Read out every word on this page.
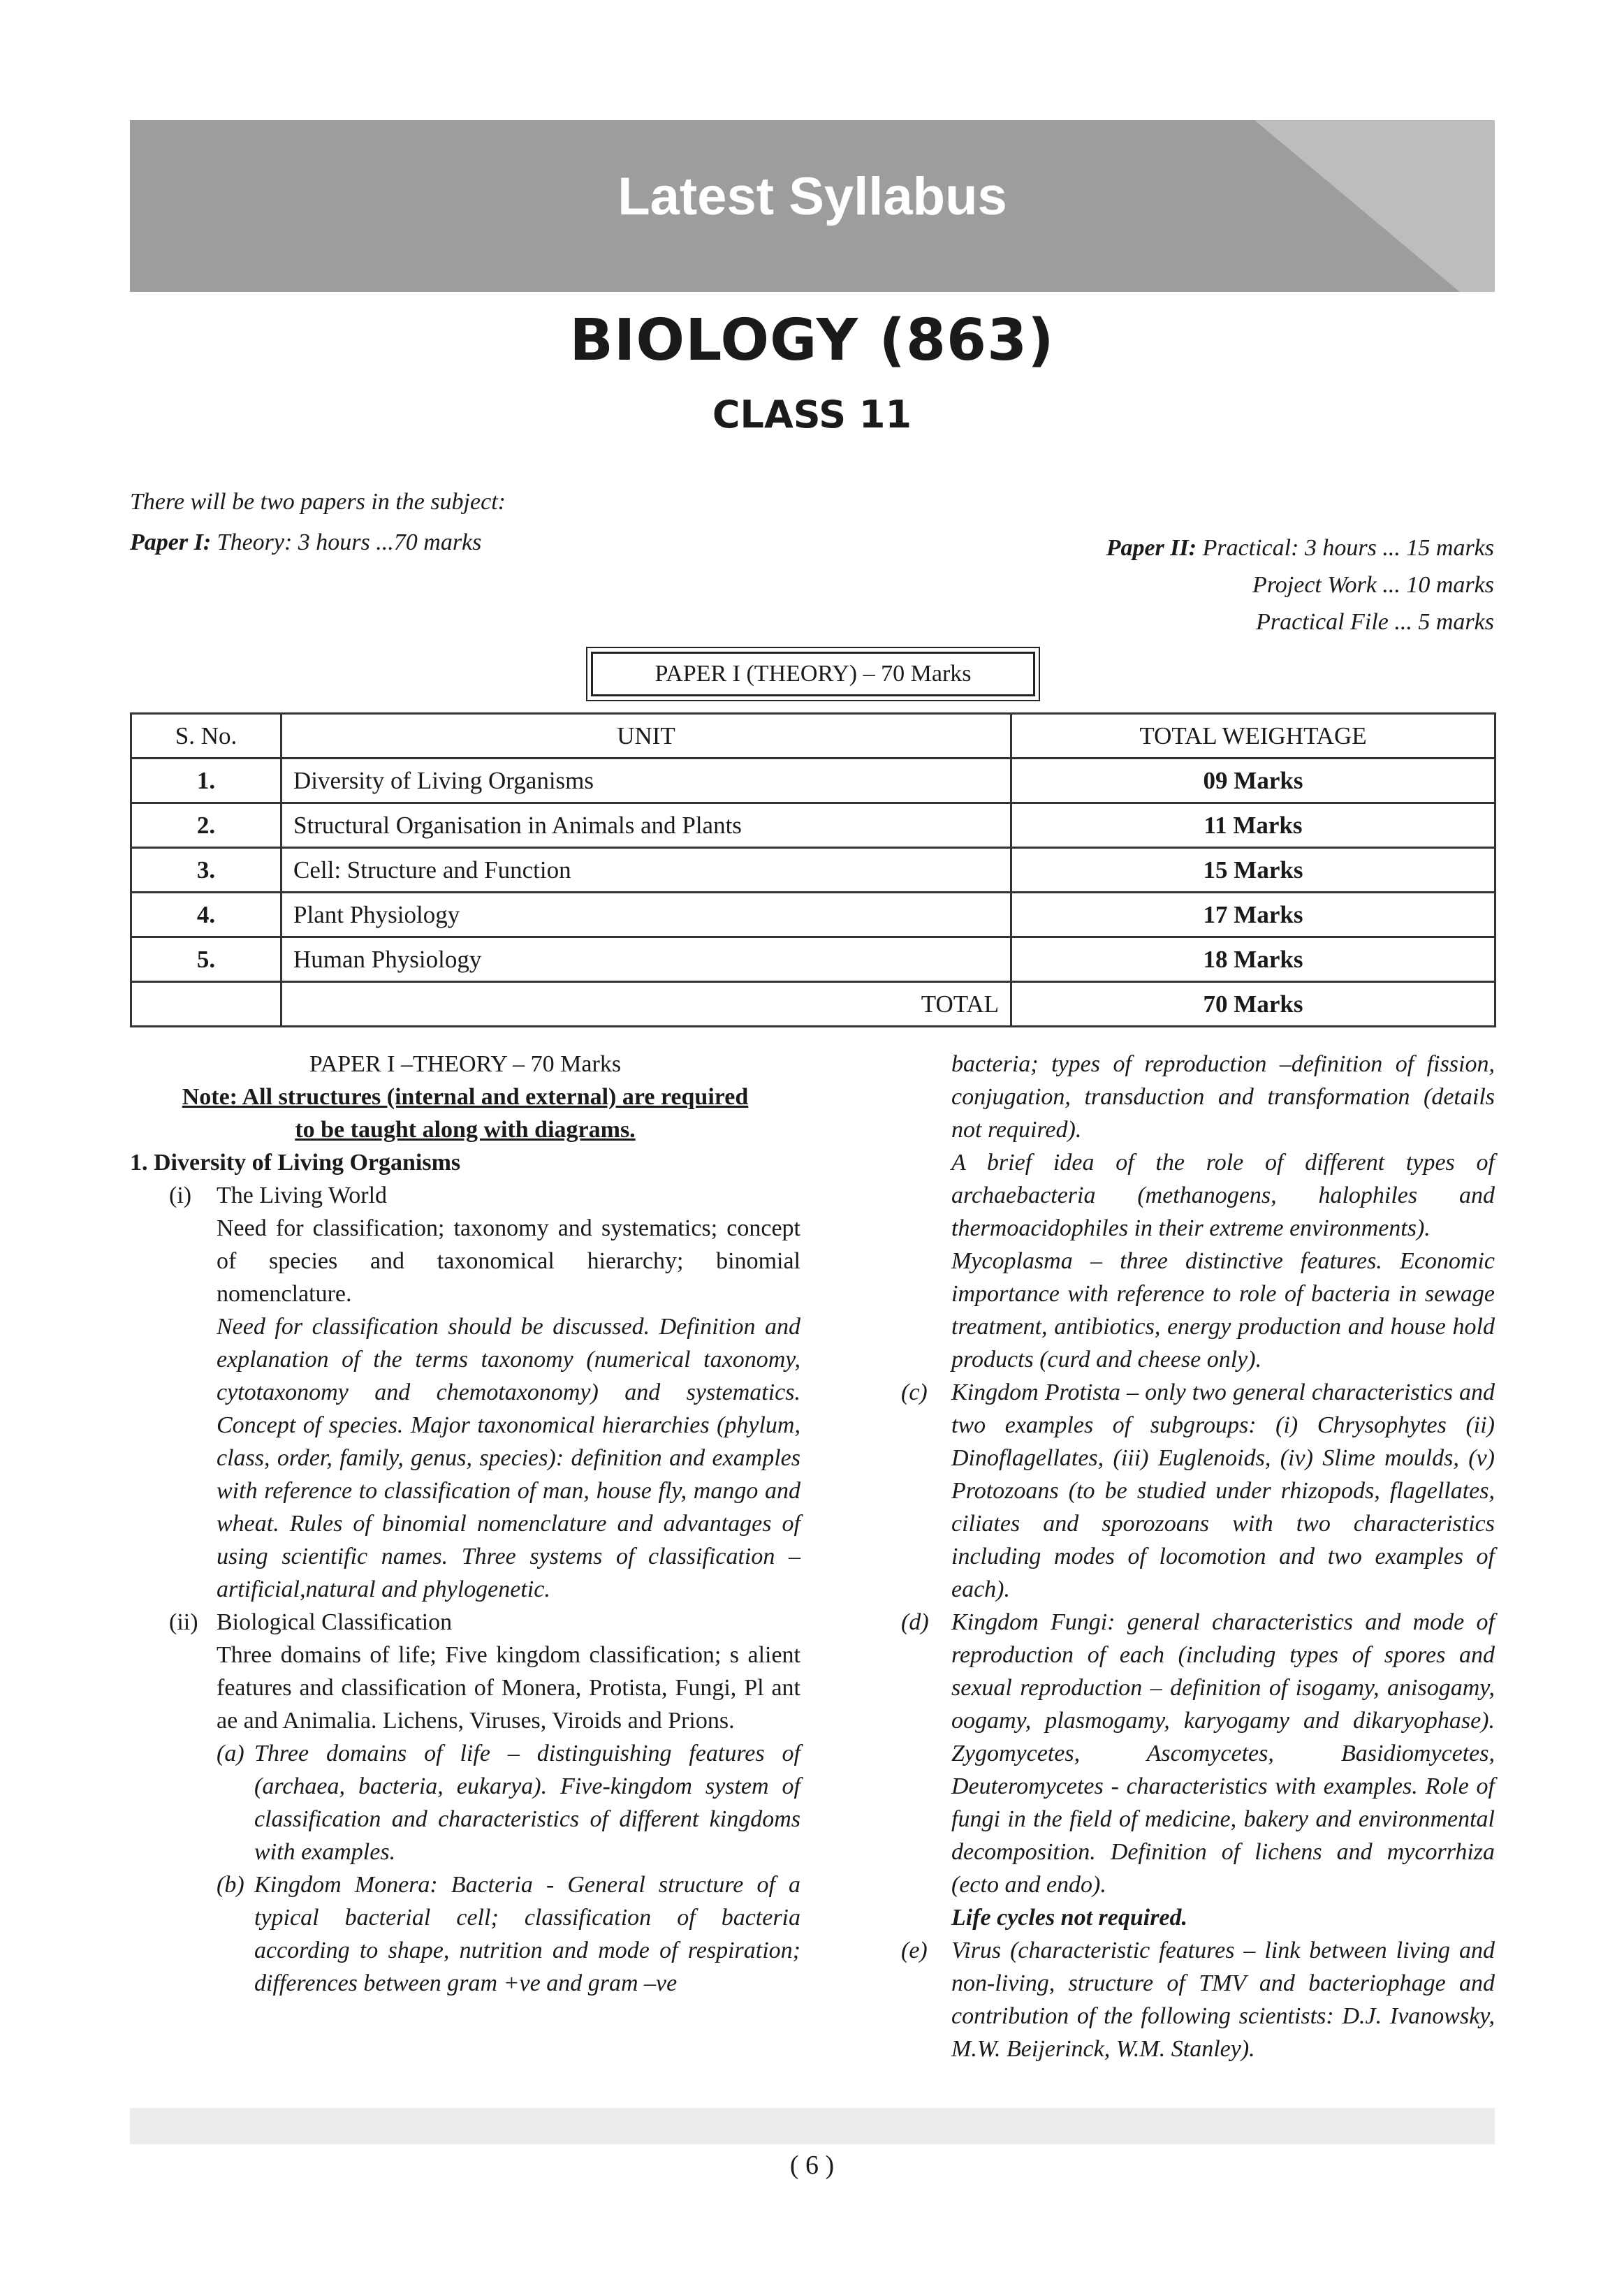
Latest Syllabus
BIOLOGY (863)
CLASS 11
There will be two papers in the subject:
Paper I: Theory: 3 hours ...70 marks	Paper II: Practical: 3 hours ... 15 marks
Project Work ... 10 marks
Practical File ... 5 marks
PAPER I (THEORY) – 70 Marks
S. No.	UNIT	TOTAL WEIGHTAGE
1.	Diversity of Living Organisms	09 Marks
2.	Structural Organisation in Animals and Plants	11 Marks
3.	Cell: Structure and Function	15 Marks
4.	Plant Physiology	17 Marks
5.	Human Physiology	18 Marks
	TOTAL	70 Marks

PAPER I –THEORY – 70 Marks

Note: All structures (internal and external) are required

to be taught along with diagrams.

1. Diversity of Living Organisms

(i) The Living World

Need for classification; taxonomy and systematics; concept of species and taxonomical hierarchy; binomial nomenclature.

Need for classification should be discussed. Definition and explanation of the terms taxonomy (numerical taxonomy, cytotaxonomy and chemotaxonomy) and systematics. Concept of species. Major taxonomical hierarchies (phylum, class, order, family, genus, species): definition and examples with reference to classification of man, house fly, mango and wheat. Rules of binomial nomenclature and advantages of using scientific names. Three systems of classification – artificial,natural and phylogenetic.

(ii) Biological Classification

Three domains of life; Five kingdom classification; s alient features and classification of Monera, Protista, Fungi, Pl ant ae and Animalia. Lichens, Viruses, Viroids and Prions.

(a) Three domains of life – distinguishing features of (archaea, bacteria, eukarya). Five-kingdom system of classification and characteristics of different kingdoms with examples.

(b) Kingdom Monera: Bacteria - General structure of a typical bacterial cell; classification of bacteria according to shape, nutrition and mode of respiration; differences between gram +ve and gram –ve

bacteria; types of reproduction –definition of fission, conjugation, transduction and transformation (details not required).

A brief idea of the role of different types of archaebacteria (methanogens, halophiles and thermoacidophiles in their extreme environments).

Mycoplasma – three distinctive features. Economic importance with reference to role of bacteria in sewage treatment, antibiotics, energy production and house hold products (curd and cheese only).

(c) Kingdom Protista – only two general characteristics and two examples of subgroups: (i) Chrysophytes (ii) Dinoflagellates, (iii) Euglenoids, (iv) Slime moulds, (v) Protozoans (to be studied under rhizopods, flagellates, ciliates and sporozoans with two characteristics including modes of locomotion and two examples of each).

(d) Kingdom Fungi: general characteristics and mode of reproduction of each (including types of spores and sexual reproduction – definition of isogamy, anisogamy, oogamy, plasmogamy, karyogamy and dikaryophase). Zygomycetes, Ascomycetes, Basidiomycetes, Deuteromycetes - characteristics with examples. Role of fungi in the field of medicine, bakery and environmental decomposition. Definition of lichens and mycorrhiza (ecto and endo).

Life cycles not required.

(e) Virus (characteristic features – link between living and non-living, structure of TMV and bacteriophage and contribution of the following scientists: D.J. Ivanowsky, M.W. Beijerinck, W.M. Stanley).

( 6 )
